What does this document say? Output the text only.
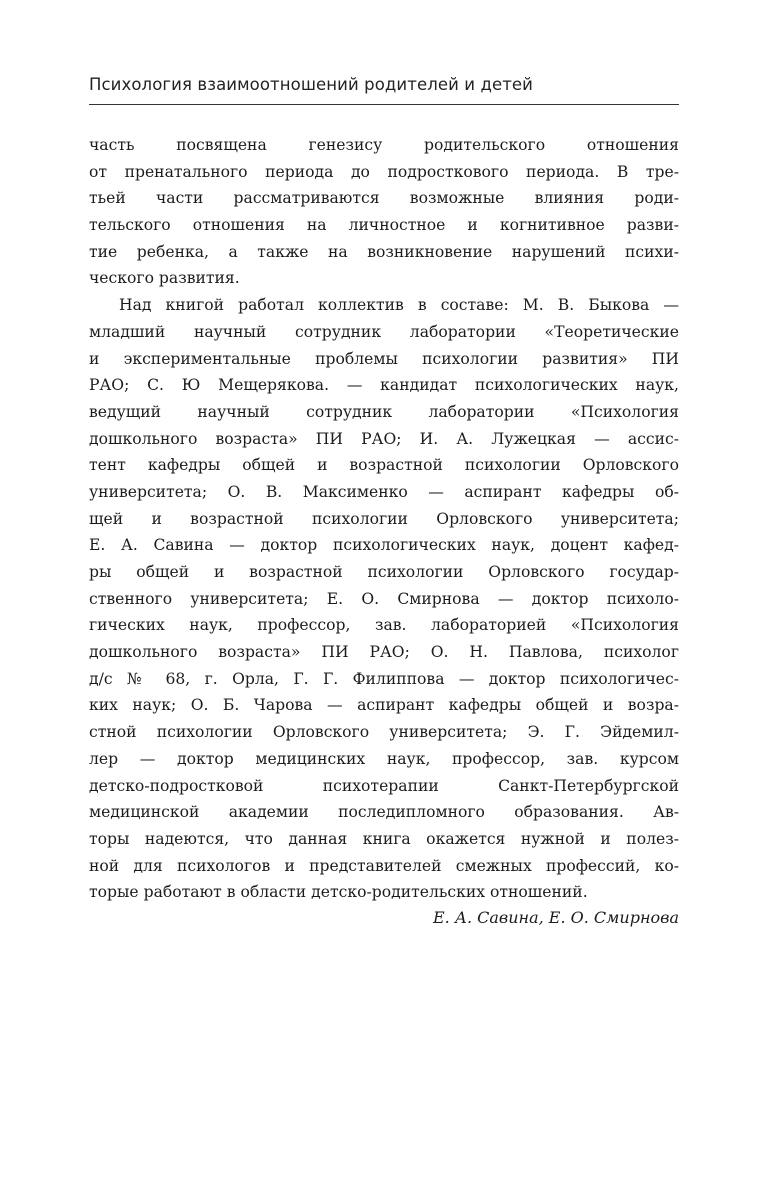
Психология взаимоотношений родителей и детей
часть посвящена генезису родительского отношения
от пренатального периода до подросткового периода. В тре-
тьей части рассматриваются возможные влияния роди-
тельского отношения на личностное и когнитивное разви-
тие ребенка, а также на возникновение нарушений психи-
ческого развития.
Над книгой работал коллектив в составе: М. В. Быкова —
младший научный сотрудник лаборатории «Теоретические
и экспериментальные проблемы психологии развития» ПИ
РАО; С. Ю Мещерякова. — кандидат психологических наук,
ведущий научный сотрудник лаборатории «Психология
дошкольного возраста» ПИ РАО; И. А. Лужецкая — ассис-
тент кафедры общей и возрастной психологии Орловского
университета; О. В. Максименко — аспирант кафедры об-
щей и возрастной психологии Орловского университета;
Е. А. Савина — доктор психологических наук, доцент кафед-
ры общей и возрастной психологии Орловского государ-
ственного университета; Е. О. Смирнова — доктор психоло-
гических наук, профессор, зав. лабораторией «Психология
дошкольного возраста» ПИ РАО; О. Н. Павлова, психолог
д/с № 68, г. Орла, Г. Г. Филиппова — доктор психологичес-
ких наук; О. Б. Чарова — аспирант кафедры общей и возра-
стной психологии Орловского университета; Э. Г. Эйдемил-
лер — доктор медицинских наук, профессор, зав. курсом
детско-подростковой психотерапии Санкт-Петербургской
медицинской академии последипломного образования. Ав-
торы надеются, что данная книга окажется нужной и полез-
ной для психологов и представителей смежных профессий, ко-
торые работают в области детско-родительских отношений.
Е. А. Савина, Е. О. Смирнова
